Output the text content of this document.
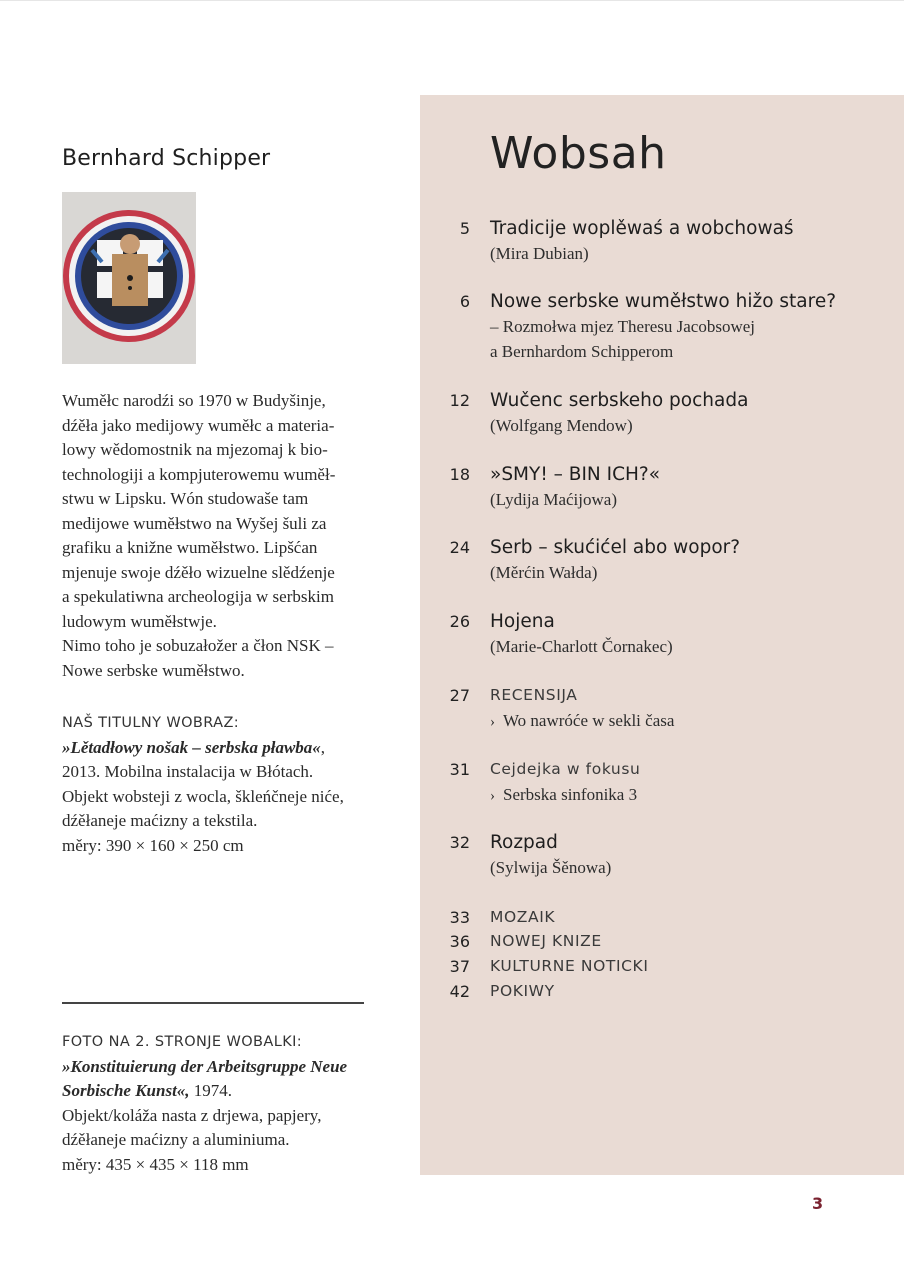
Bernhard Schipper
Wuměłc narodźi so 1970 w Budyšinje,
dźěła jako medijowy wuměłc a materia-
lowy wědomostnik na mjezomaj k bio-
technologiji a kompjuterowemu wuměł-
stwu w Lipsku. Wón studowaše tam
medijowe wuměłstwo na Wyšej šuli za
grafiku a knižne wuměłstwo. Lipšćan
mjenuje swoje dźěło wizuelne slědźenje
a spekulatiwna archeologija w serbskim
ludowym wuměłstwje.
Nimo toho je sobuzałožer a čłon NSK –
Nowe serbske wuměłstwo.
NAŠ TITULNY WOBRAZ:
»Lětadłowy nošak – serbska pławba«,
2013. Mobilna instalacija w Błótach.
Objekt wobsteji z wocla, škleńčneje niće,
dźěłaneje maćizny a tekstila.
měry: 390 × 160 × 250 cm
FOTO NA 2. STRONJE WOBALKI:
»Konstituierung der Arbeitsgruppe Neue
Sorbische Kunst«, 1974.
Objekt/koláža nasta z drjewa, papjery,
dźěłaneje maćizny a aluminiuma.
měry: 435 × 435 × 118 mm
Wobsah
5 Tradicije woplěwaś a wobchowaś
(Mira Dubian)
6 Nowe serbske wuměłstwo hižo stare?
– Rozmołwa mjez Theresu Jacobsowej
a Bernhardom Schipperom
12 Wučenc serbskeho pochada
(Wolfgang Mendow)
18 »SMY! – BIN ICH?«
(Lydija Maćijowa)
24 Serb – skućićel abo wopor?
(Měrćin Wałda)
26 Hojena
(Marie-Charlott Čornakec)
27 RECENSIJA
› Wo nawróće w sekli časa
31 Cejdejka w fokusu
› Serbska sinfonika 3
32 Rozpad
(Sylwija Šěnowa)
33 MOZAIK
36 NOWEJ KNIZE
37 KULTURNE NOTICKI
42 POKIWY
3
